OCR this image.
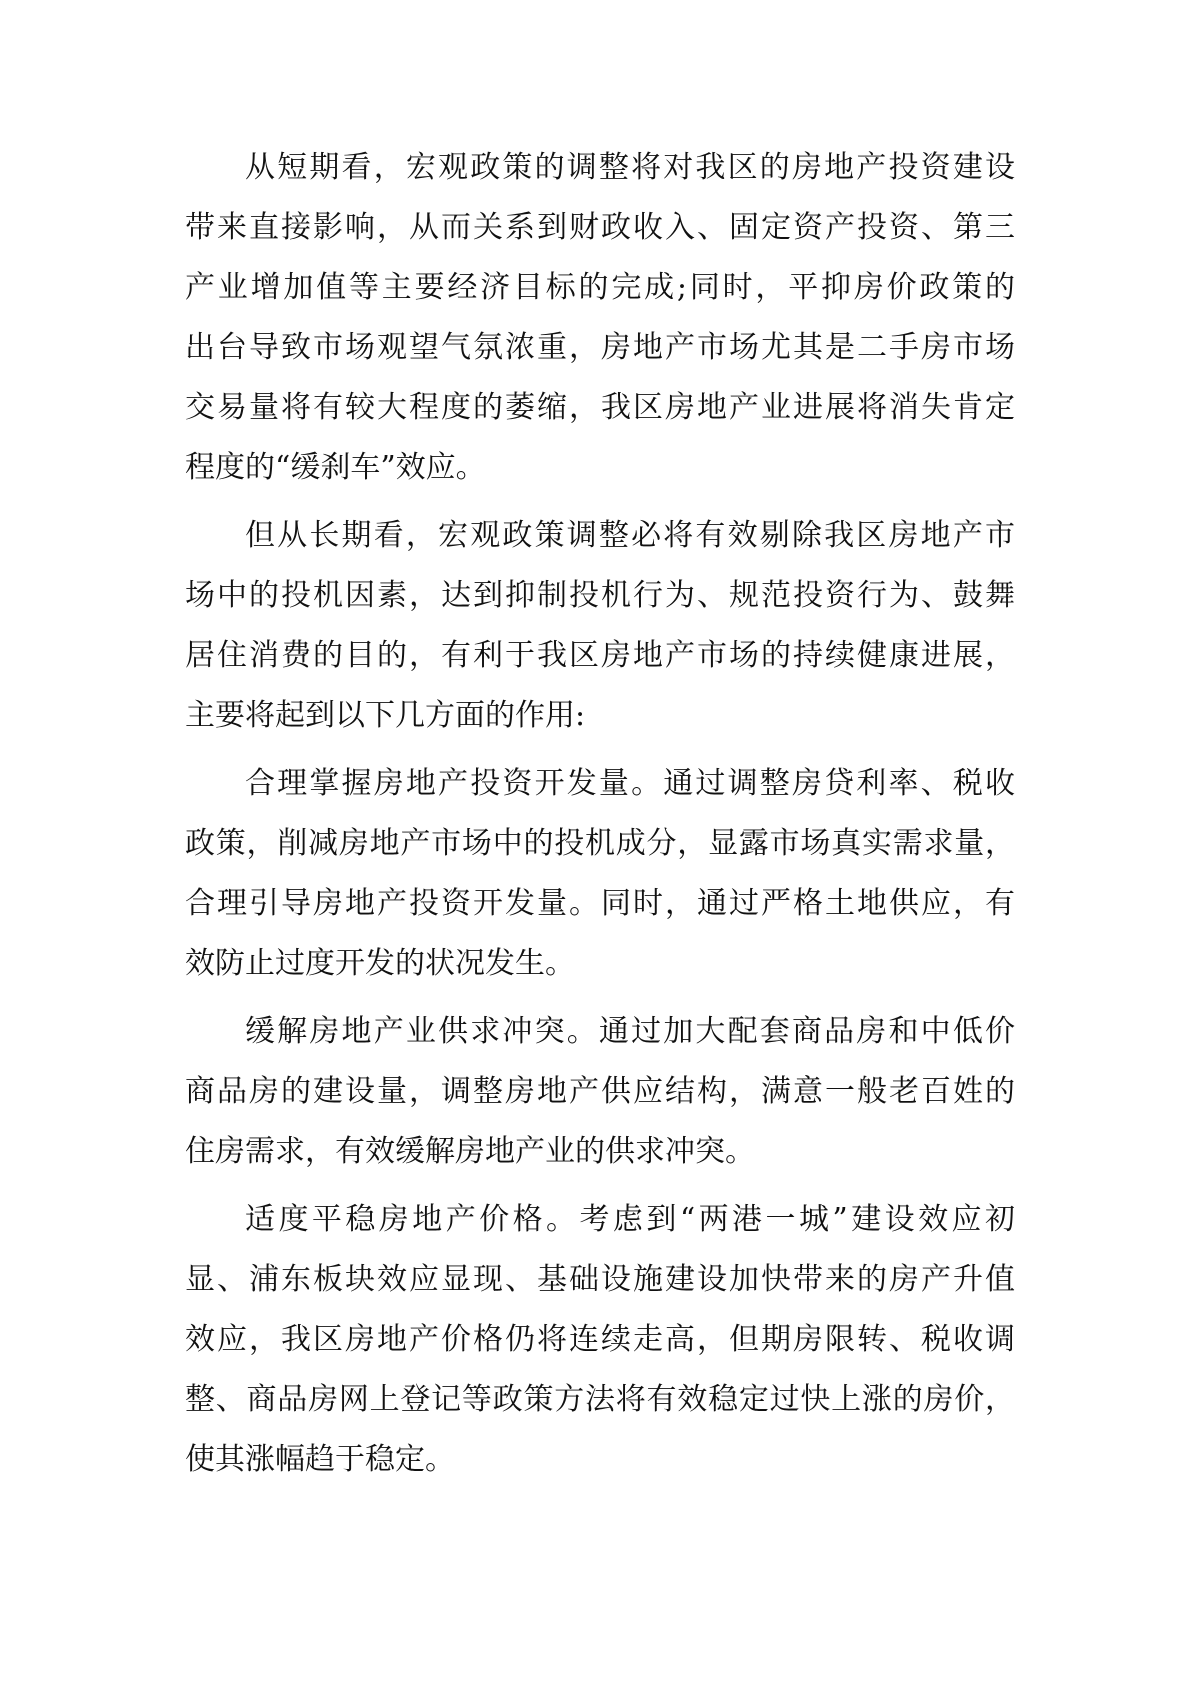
从短期看，宏观政策的调整将对我区的房地产投资建设
带来直接影响，从而关系到财政收入、固定资产投资、第三
产业增加值等主要经济目标的完成;同时，平抑房价政策的
出台导致市场观望气氛浓重，房地产市场尤其是二手房市场
交易量将有较大程度的萎缩，我区房地产业进展将消失肯定
程度的“缓刹车”效应。

但从长期看，宏观政策调整必将有效剔除我区房地产市
场中的投机因素，达到抑制投机行为、规范投资行为、鼓舞
居住消费的目的，有利于我区房地产市场的持续健康进展，
主要将起到以下几方面的作用:

合理掌握房地产投资开发量。通过调整房贷利率、税收
政策，削减房地产市场中的投机成分，显露市场真实需求量，
合理引导房地产投资开发量。同时，通过严格土地供应，有
效防止过度开发的状况发生。

缓解房地产业供求冲突。通过加大配套商品房和中低价
商品房的建设量，调整房地产供应结构，满意一般老百姓的
住房需求，有效缓解房地产业的供求冲突。

适度平稳房地产价格。考虑到“两港一城”建设效应初
显、浦东板块效应显现、基础设施建设加快带来的房产升值
效应，我区房地产价格仍将连续走高，但期房限转、税收调
整、商品房网上登记等政策方法将有效稳定过快上涨的房价，
使其涨幅趋于稳定。
